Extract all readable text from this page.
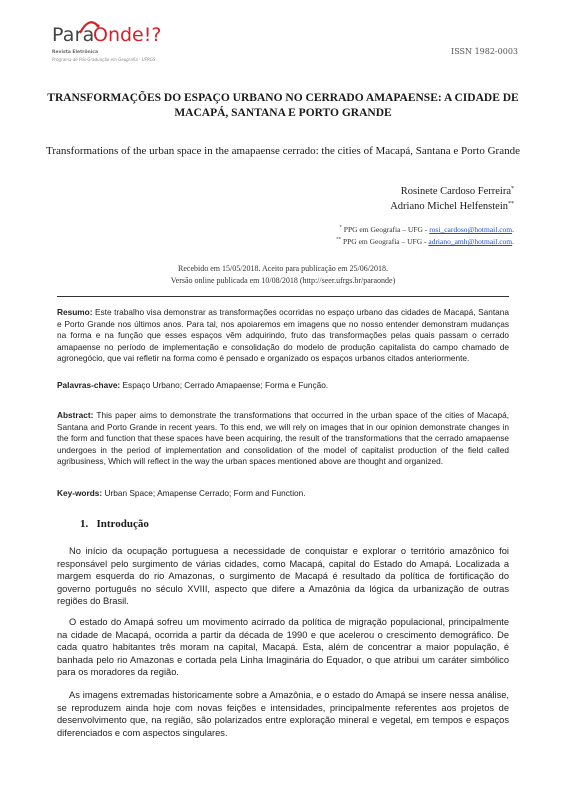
Para
Onde!?
Revista Eletrônica
Programa de Pós-Graduação em Geografia - UFRGS
ISSN 1982-0003
TRANSFORMAÇÕES DO ESPAÇO URBANO NO CERRADO AMAPAENSE: A CIDADE DE MACAPÁ, SANTANA E PORTO GRANDE
Transformations of the urban space in the amapaense cerrado: the cities of Macapá, Santana e Porto Grande
Rosinete Cardoso Ferreira*
Adriano Michel Helfenstein**
* PPG em Geografia – UFG - rosi_cardoso@hotmail.com.
** PPG em Geografia – UFG - adriano_amh@hotmail.com.
Recebido em 15/05/2018. Aceito para publicação em 25/06/2018.
Versão online publicada em 10/08/2018 (http://seer.ufrgs.br/paraonde)
Resumo: Este trabalho visa demonstrar as transformações ocorridas no espaço urbano das cidades de Macapá, Santana e Porto Grande nos últimos anos. Para tal, nos apoiaremos em imagens que no nosso entender demonstram mudanças na forma e na função que esses espaços vêm adquirindo, fruto das transformações pelas quais passam o cerrado amapaense no período de implementação e consolidação do modelo de produção capitalista do campo chamado de agronegócio, que vai refletir na forma como é pensado e organizado os espaços urbanos citados anteriormente.
Palavras-chave: Espaço Urbano; Cerrado Amapaense; Forma e Função.
Abstract: This paper aims to demonstrate the transformations that occurred in the urban space of the cities of Macapá, Santana and Porto Grande in recent years. To this end, we will rely on images that in our opinion demonstrate changes in the form and function that these spaces have been acquiring, the result of the transformations that the cerrado amapaense undergoes in the period of implementation and consolidation of the model of capitalist production of the field called agribusiness, Which will reflect in the way the urban spaces mentioned above are thought and organized.
Key-words: Urban Space; Amapense Cerrado; Form and Function.
1.   Introdução
No início da ocupação portuguesa a necessidade de conquistar e explorar o território amazônico foi responsável pelo surgimento de várias cidades, como Macapá, capital do Estado do Amapá. Localizada a margem esquerda do rio Amazonas, o surgimento de Macapá é resultado da política de fortificação do governo português no século XVIII, aspecto que difere a Amazônia da lógica da urbanização de outras regiões do Brasil.
O estado do Amapá sofreu um movimento acirrado da política de migração populacional, principalmente na cidade de Macapá, ocorrida a partir da década de 1990 e que acelerou o crescimento demográfico. De cada quatro habitantes três moram na capital, Macapá. Esta, além de concentrar a maior população, é banhada pelo rio Amazonas e cortada pela Linha Imaginária do Equador, o que atribui um caráter simbólico para os moradores da região.
As imagens extremadas historicamente sobre a Amazônia, e o estado do Amapá se insere nessa análise, se reproduzem ainda hoje com novas feições e intensidades, principalmente referentes aos projetos de desenvolvimento que, na região, são polarizados entre exploração mineral e vegetal, em tempos e espaços diferenciados e com aspectos singulares.
